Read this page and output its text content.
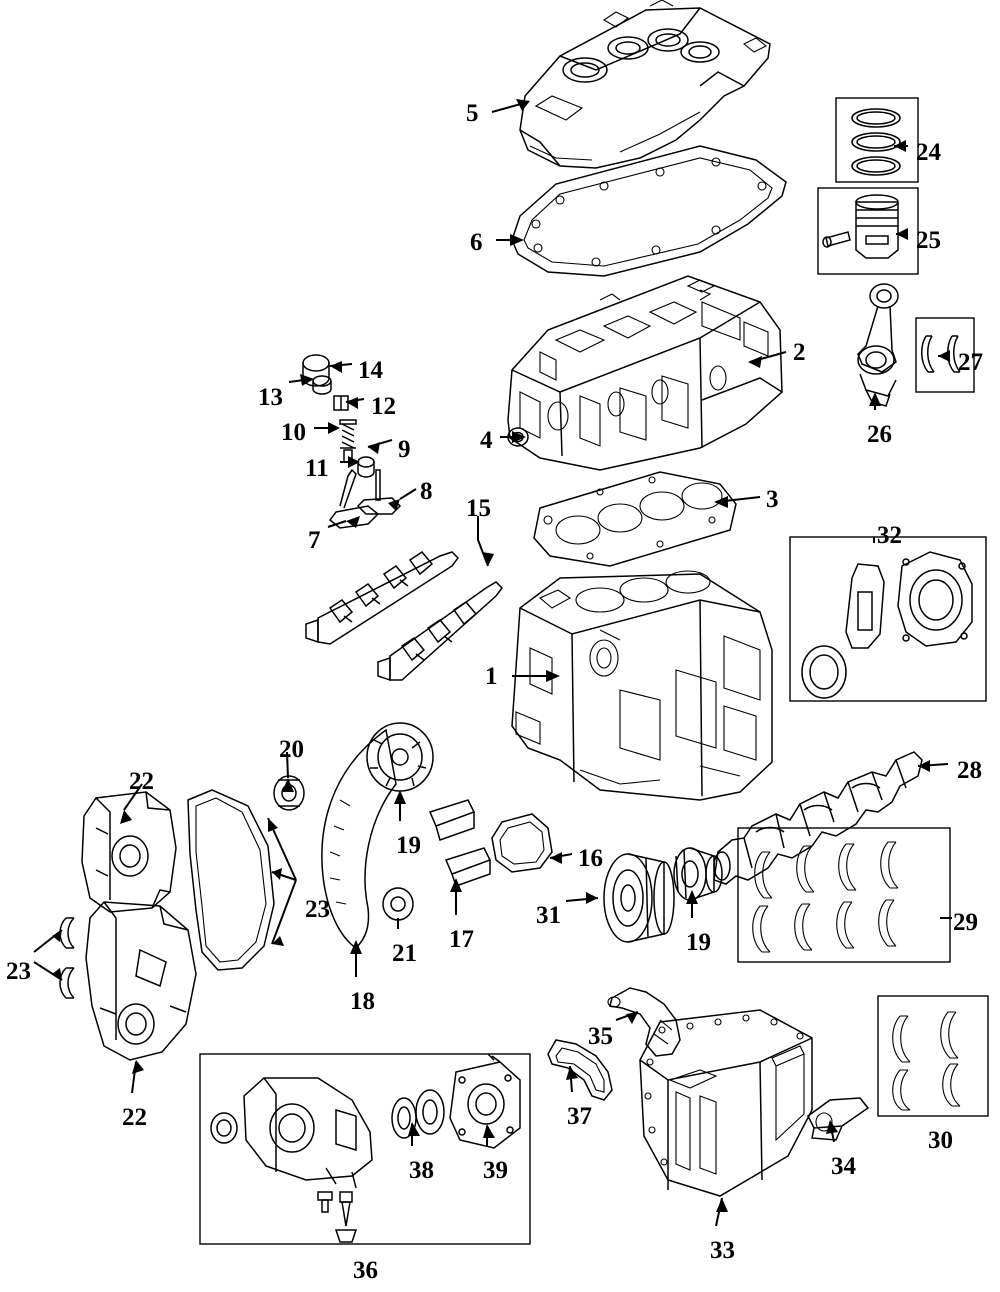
1
2
3
4
5
6
7
8
9
10
11
12
13
14
15
16
17
18
19
19
20
21
22
22
23
23
24
25
26
27
28
29
30
31
32
33
34
35
36
37
38 39
